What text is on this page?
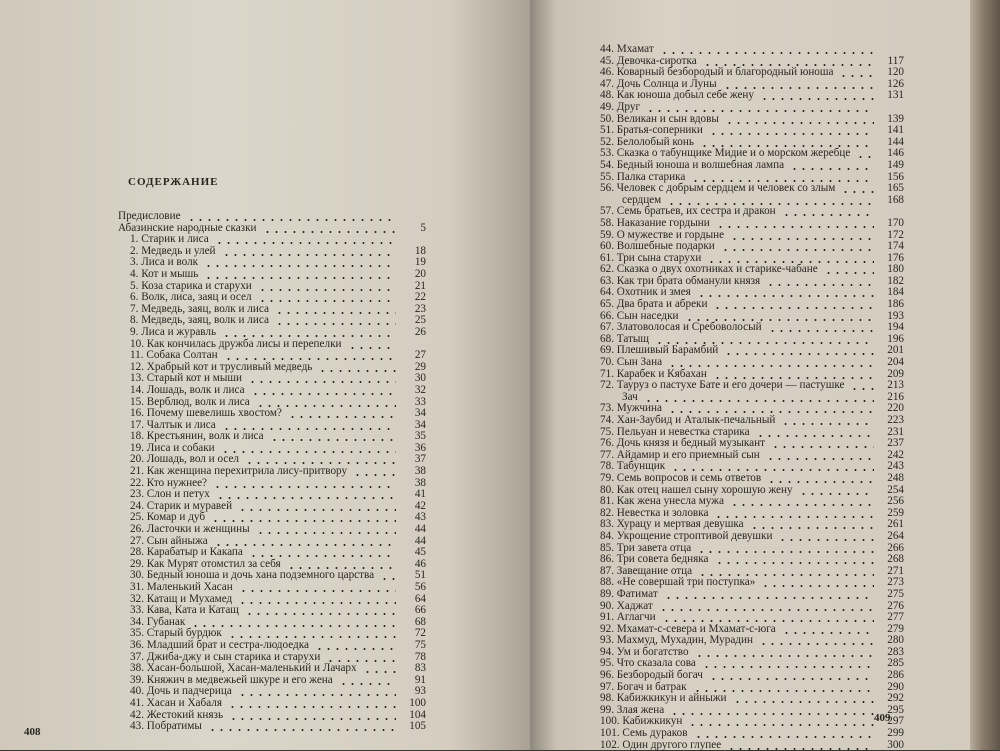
СОДЕРЖАНИЕ
Предисловие
Абазинские народные сказки	5
1. Старик и лиса
2. Медведь и улей	18
3. Лиса и волк	19
4. Кот и мышь	20
5. Коза старика и старухи	21
6. Волк, лиса, заяц и осел	22
7. Медведь, заяц, волк и лиса	23
8. Медведь, заяц, волк и лиса	25
9. Лиса и журавль	26
10. Как кончилась дружба лисы и перепелки
11. Собака Солтан	27
12. Храбрый кот и трусливый медведь	29
13. Старый кот и мыши	30
14. Лошадь, волк и лиса	32
15. Верблюд, волк и лиса	33
16. Почему шевелишь хвостом?	34
17. Чалтык и лиса	34
18. Крестьянин, волк и лиса	35
19. Лиса и собаки	36
20. Лошадь, вол и осел	37
21. Как женщина перехитрила лису-притвору	38
22. Кто нужнее?	38
23. Слон и петух	41
24. Старик и муравей	42
25. Комар и дуб	43
26. Ласточки и женщины	44
27. Сын айныжа	44
28. Карабатыр и Какапа	45
29. Как Мурят отомстил за себя	46
30. Бедный юноша и дочь хана подземного царства	51
31. Маленький Хасан	56
32. Катащ и Мухамед	64
33. Кава, Ката и Катащ	66
34. Губанак	68
35. Старый бурдюк	72
36. Младший брат и сестра-людоедка	75
37. Джиба-джу и сын старика и старухи	78
38. Хасан-большой, Хасан-маленький и Лачарх	83
39. Княжич в медвежьей шкуре и его жена	91
40. Дочь и падчерица	93
41. Хасан и Хабаля	100
42. Жестокий князь	104
43. Побратимы	105
44. Мхамат
45. Девочка-сиротка	117
46. Коварный безбородый и благородный юноша	120
47. Дочь Солнца и Луны	126
48. Как юноша добыл себе жену	131
49. Друг
50. Великан и сын вдовы	139
51. Братья-соперники	141
52. Белолобый конь	144
53. Сказка о табунщике Мидие и о морском жеребце	146
54. Бедный юноша и волшебная лампа	149
55. Палка старика	156
56. Человек с добрым сердцем и человек со злым	165
сердцем	168
57. Семь братьев, их сестра и дракон
58. Наказание гордыни	170
59. О мужестве и гордыне	172
60. Волшебные подарки	174
61. Три сына старухи	176
62. Сказка о двух охотниках и старике-чабане	180
63. Как три брата обманули князя	182
64. Охотник и змея	184
65. Два брата и абреки	186
66. Сын наседки	193
67. Златоволосая и Сребоволосый	194
68. Татыщ	196
69. Плешивый Барамбий	201
70. Сын Зана	204
71. Карабек и Кябахан	209
72. Тауруз о пастухе Бате и его дочери — пастушке	213
Зач	216
73. Мужчина	220
74. Хан-Заубид и Аталык-печальный	223
75. Пельуан и невестка старика	231
76. Дочь князя и бедный музыкант	237
77. Айдамир и его приемный сын	242
78. Табунщик	243
79. Семь вопросов и семь ответов	248
80. Как отец нашел сыну хорошую жену	254
81. Как жена унесла мужа	256
82. Невестка и золовка	259
83. Хурацу и мертвая девушка	261
84. Укрощение строптивой девушки	264
85. Три завета отца	266
86. Три совета бедняка	268
87. Завещание отца	271
88. «Не совершай три поступка»	273
89. Фатимат	275
90. Хаджат	276
91. Аглагчи	277
92. Мхамат-с-севера и Мхамат-с-юга	279
93. Махмуд, Мухадин, Мурадин	280
94. Ум и богатство	283
95. Что сказала сова	285
96. Безбородый богач	286
97. Богач и батрак	290
98. Кабижкикун и айныжи	292
99. Злая жена	295
100. Кабижкикун	297
101. Семь дураков	299
102. Один другого глупее	300
408
409
